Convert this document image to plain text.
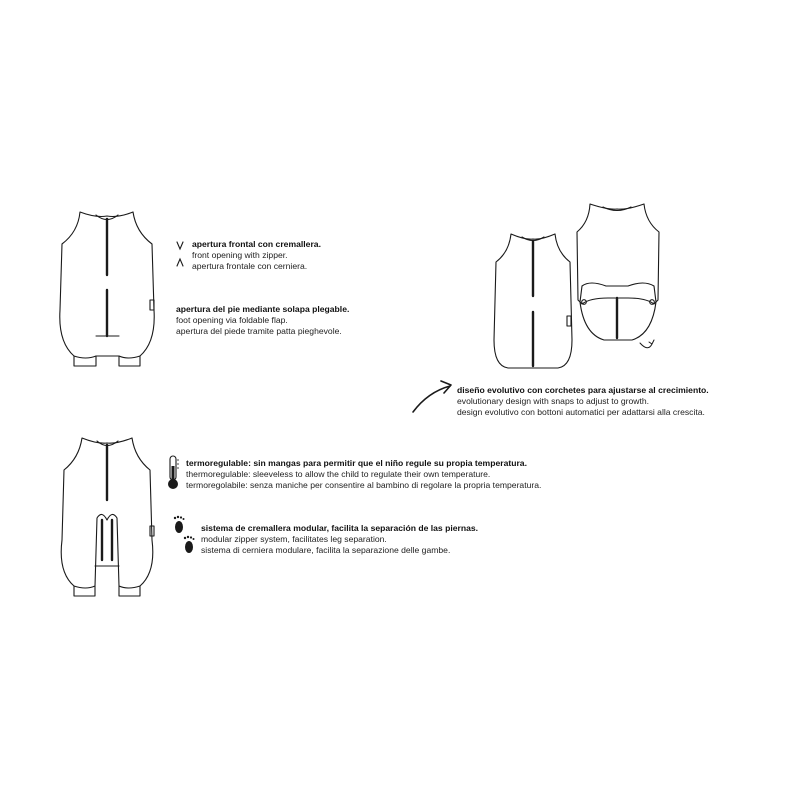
apertura frontal con cremallera.
front opening with zipper.
apertura frontale con cerniera.
apertura del pie mediante solapa plegable.
foot opening via foldable flap.
apertura del piede tramite patta pieghevole.
diseño evolutivo con corchetes para ajustarse al crecimiento.
evolutionary design with snaps to adjust to growth.
design evolutivo con bottoni automatici per adattarsi alla crescita.
termoregulable: sin mangas para permitir que el niño regule su propia temperatura.
thermoregulable: sleeveless to allow the child to regulate their own temperature.
termoregolabile: senza maniche per consentire al bambino di regolare la propria temperatura.
sistema de cremallera modular, facilita la separación de las piernas.
modular zipper system, facilitates leg separation.
sistema di cerniera modulare, facilita la separazione delle gambe.
